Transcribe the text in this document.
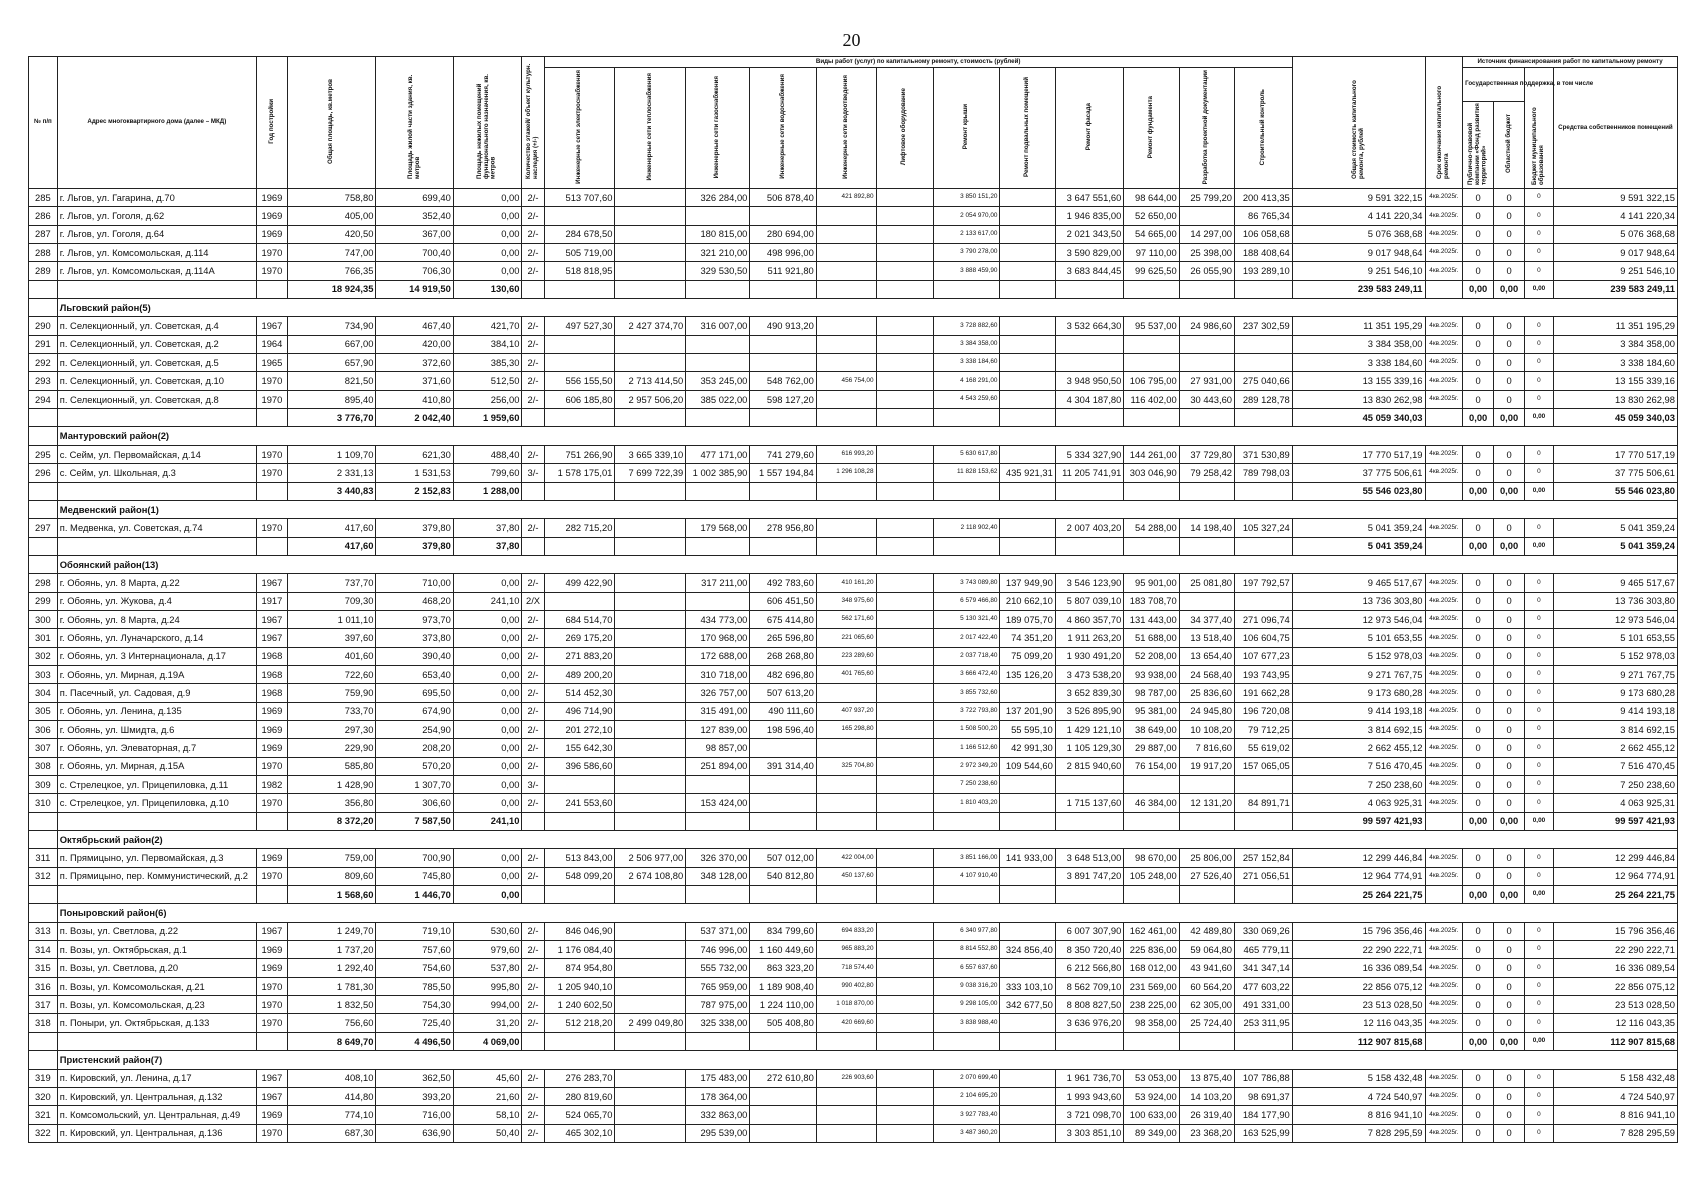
20
№ п/п	Адрес многоквартирного дома (далее – МКД)	Год постройки	Общая площадь, кв.метров	Площадь жилой части здания, кв. метров	Площадь нежилых помещений функционального назначения, кв. метров	Количество этажей/ объект культурн. наследия (+/-)	Виды работ (услуг) по капитальному ремонту, стоимость (рублей)												Общая стоимость капитального ремонта, рублей	Срок окончания капитального ремонта	Источник финансирования работ по капитальному ремонту			
							Инженерные сети электроснабжения	Инженерные сети теплоснабжения	Инженерные сети газоснабжения	Инженерные сети водоснабжения	Инженерные сети водоотведения	Лифтовое оборудование	Ремонт крыши	Ремонт подвальных помещений	Ремонт фасада	Ремонт фундамента	Разработка проектной документации	Строительный контроль			Государственная поддержка, в том числе		Бюджет муниципального образования	Средства собственников помещений
																					Публично-правовой компании «Фонд развития территорий»	Областной бюджет		
285	г. Льгов, ул. Гагарина, д.70	1969	758,80	699,40	0,00	2/-	513 707,60		326 284,00	506 878,40	421 892,80		3 850 151,20		3 647 551,60	98 644,00	25 799,20	200 413,35	9 591 322,15	4кв.2025г.	0	0	0	9 591 322,15
286	г. Льгов, ул. Гоголя, д.62	1969	405,00	352,40	0,00	2/-							2 054 970,00		1 946 835,00	52 650,00		86 765,34	4 141 220,34	4кв.2025г.	0	0	0	4 141 220,34
287	г. Льгов, ул. Гоголя, д.64	1969	420,50	367,00	0,00	2/-	284 678,50		180 815,00	280 694,00			2 133 617,00		2 021 343,50	54 665,00	14 297,00	106 058,68	5 076 368,68	4кв.2025г.	0	0	0	5 076 368,68
288	г. Льгов, ул. Комсомольская, д.114	1970	747,00	700,40	0,00	2/-	505 719,00		321 210,00	498 996,00			3 790 278,00		3 590 829,00	97 110,00	25 398,00	188 408,64	9 017 948,64	4кв.2025г.	0	0	0	9 017 948,64
289	г. Льгов, ул. Комсомольская, д.114А	1970	766,35	706,30	0,00	2/-	518 818,95		329 530,50	511 921,80			3 888 459,90		3 683 844,45	99 625,50	26 055,90	193 289,10	9 251 546,10	4кв.2025г.	0	0	0	9 251 546,10
			18 924,35	14 919,50	130,60														239 583 249,11		0,00	0,00	0,00	239 583 249,11
	Льговский район(5)																							
290	п. Селекционный, ул. Советская, д.4	1967	734,90	467,40	421,70	2/-	497 527,30	2 427 374,70	316 007,00	490 913,20			3 728 882,60		3 532 664,30	95 537,00	24 986,60	237 302,59	11 351 195,29	4кв.2025г.	0	0	0	11 351 195,29
291	п. Селекционный, ул. Советская, д.2	1964	667,00	420,00	384,10	2/-							3 384 358,00						3 384 358,00	4кв.2025г.	0	0	0	3 384 358,00
292	п. Селекционный, ул. Советская, д.5	1965	657,90	372,60	385,30	2/-							3 338 184,60						3 338 184,60	4кв.2025г.	0	0	0	3 338 184,60
293	п. Селекционный, ул. Советская, д.10	1970	821,50	371,60	512,50	2/-	556 155,50	2 713 414,50	353 245,00	548 762,00	456 754,00		4 168 291,00		3 948 950,50	106 795,00	27 931,00	275 040,66	13 155 339,16	4кв.2025г.	0	0	0	13 155 339,16
294	п. Селекционный, ул. Советская, д.8	1970	895,40	410,80	256,00	2/-	606 185,80	2 957 506,20	385 022,00	598 127,20			4 543 259,60		4 304 187,80	116 402,00	30 443,60	289 128,78	13 830 262,98	4кв.2025г.	0	0	0	13 830 262,98
			3 776,70	2 042,40	1 959,60														45 059 340,03		0,00	0,00	0,00	45 059 340,03
	Мантуровский район(2)																							
295	с. Сейм, ул. Первомайская, д.14	1970	1 109,70	621,30	488,40	2/-	751 266,90	3 665 339,10	477 171,00	741 279,60	616 993,20		5 630 617,80		5 334 327,90	144 261,00	37 729,80	371 530,89	17 770 517,19	4кв.2025г.	0	0	0	17 770 517,19
296	с. Сейм, ул. Школьная, д.3	1970	2 331,13	1 531,53	799,60	3/-	1 578 175,01	7 699 722,39	1 002 385,90	1 557 194,84	1 296 108,28		11 828 153,62	435 921,31	11 205 741,91	303 046,90	79 258,42	789 798,03	37 775 506,61	4кв.2025г.	0	0	0	37 775 506,61
			3 440,83	2 152,83	1 288,00														55 546 023,80		0,00	0,00	0,00	55 546 023,80
	Медвенский район(1)																							
297	п. Медвенка, ул. Советская, д.74	1970	417,60	379,80	37,80	2/-	282 715,20		179 568,00	278 956,80			2 118 902,40		2 007 403,20	54 288,00	14 198,40	105 327,24	5 041 359,24	4кв.2025г.	0	0	0	5 041 359,24
			417,60	379,80	37,80														5 041 359,24		0,00	0,00	0,00	5 041 359,24
	Обоянский район(13)																							
298	г. Обоянь, ул. 8 Марта, д.22	1967	737,70	710,00	0,00	2/-	499 422,90		317 211,00	492 783,60	410 161,20		3 743 089,80	137 949,90	3 546 123,90	95 901,00	25 081,80	197 792,57	9 465 517,67	4кв.2025г.	0	0	0	9 465 517,67
299	г. Обоянь, ул. Жукова, д.4	1917	709,30	468,20	241,10	2/Х				606 451,50	348 975,60		6 579 466,80	210 662,10	5 807 039,10	183 708,70			13 736 303,80	4кв.2025г.	0	0	0	13 736 303,80
300	г. Обоянь, ул. 8 Марта, д.24	1967	1 011,10	973,70	0,00	2/-	684 514,70		434 773,00	675 414,80	562 171,60		5 130 321,40	189 075,70	4 860 357,70	131 443,00	34 377,40	271 096,74	12 973 546,04	4кв.2025г.	0	0	0	12 973 546,04
301	г. Обоянь, ул. Луначарского, д.14	1967	397,60	373,80	0,00	2/-	269 175,20		170 968,00	265 596,80	221 065,60		2 017 422,40	74 351,20	1 911 263,20	51 688,00	13 518,40	106 604,75	5 101 653,55	4кв.2025г.	0	0	0	5 101 653,55
302	г. Обоянь, ул. 3 Интернационала, д.17	1968	401,60	390,40	0,00	2/-	271 883,20		172 688,00	268 268,80	223 289,60		2 037 718,40	75 099,20	1 930 491,20	52 208,00	13 654,40	107 677,23	5 152 978,03	4кв.2025г.	0	0	0	5 152 978,03
303	г. Обоянь, ул. Мирная, д.19А	1968	722,60	653,40	0,00	2/-	489 200,20		310 718,00	482 696,80	401 765,60		3 666 472,40	135 126,20	3 473 538,20	93 938,00	24 568,40	193 743,95	9 271 767,75	4кв.2025г.	0	0	0	9 271 767,75
304	п. Пасечный, ул. Садовая, д.9	1968	759,90	695,50	0,00	2/-	514 452,30		326 757,00	507 613,20			3 855 732,60		3 652 839,30	98 787,00	25 836,60	191 662,28	9 173 680,28	4кв.2025г.	0	0	0	9 173 680,28
305	г. Обоянь, ул. Ленина, д.135	1969	733,70	674,90	0,00	2/-	496 714,90		315 491,00	490 111,60	407 937,20		3 722 793,80	137 201,90	3 526 895,90	95 381,00	24 945,80	196 720,08	9 414 193,18	4кв.2025г.	0	0	0	9 414 193,18
306	г. Обоянь, ул. Шмидта, д.6	1969	297,30	254,90	0,00	2/-	201 272,10		127 839,00	198 596,40	165 298,80		1 508 500,20	55 595,10	1 429 121,10	38 649,00	10 108,20	79 712,25	3 814 692,15	4кв.2025г.	0	0	0	3 814 692,15
307	г. Обоянь, ул. Элеваторная, д.7	1969	229,90	208,20	0,00	2/-	155 642,30		98 857,00				1 166 512,60	42 991,30	1 105 129,30	29 887,00	7 816,60	55 619,02	2 662 455,12	4кв.2025г.	0	0	0	2 662 455,12
308	г. Обоянь, ул. Мирная, д.15А	1970	585,80	570,20	0,00	2/-	396 586,60		251 894,00	391 314,40	325 704,80		2 972 349,20	109 544,60	2 815 940,60	76 154,00	19 917,20	157 065,05	7 516 470,45	4кв.2025г.	0	0	0	7 516 470,45
309	с. Стрелецкое, ул. Прицепиловка, д.11	1982	1 428,90	1 307,70	0,00	3/-							7 250 238,60						7 250 238,60	4кв.2025г.	0	0	0	7 250 238,60
310	с. Стрелецкое, ул. Прицепиловка, д.10	1970	356,80	306,60	0,00	2/-	241 553,60		153 424,00				1 810 403,20		1 715 137,60	46 384,00	12 131,20	84 891,71	4 063 925,31	4кв.2025г.	0	0	0	4 063 925,31
			8 372,20	7 587,50	241,10														99 597 421,93		0,00	0,00	0,00	99 597 421,93
	Октябрьский район(2)																							
311	п. Прямицыно, ул. Первомайская, д.3	1969	759,00	700,90	0,00	2/-	513 843,00	2 506 977,00	326 370,00	507 012,00	422 004,00		3 851 166,00	141 933,00	3 648 513,00	98 670,00	25 806,00	257 152,84	12 299 446,84	4кв.2025г.	0	0	0	12 299 446,84
312	п. Прямицыно, пер. Коммунистический, д.2	1970	809,60	745,80	0,00	2/-	548 099,20	2 674 108,80	348 128,00	540 812,80	450 137,60		4 107 910,40		3 891 747,20	105 248,00	27 526,40	271 056,51	12 964 774,91	4кв.2025г.	0	0	0	12 964 774,91
			1 568,60	1 446,70	0,00														25 264 221,75		0,00	0,00	0,00	25 264 221,75
	Поныровский район(6)																							
313	п. Возы, ул. Светлова, д.22	1967	1 249,70	719,10	530,60	2/-	846 046,90		537 371,00	834 799,60	694 833,20		6 340 977,80		6 007 307,90	162 461,00	42 489,80	330 069,26	15 796 356,46	4кв.2025г.	0	0	0	15 796 356,46
314	п. Возы, ул. Октябрьская, д.1	1969	1 737,20	757,60	979,60	2/-	1 176 084,40		746 996,00	1 160 449,60	965 883,20		8 814 552,80	324 856,40	8 350 720,40	225 836,00	59 064,80	465 779,11	22 290 222,71	4кв.2025г.	0	0	0	22 290 222,71
315	п. Возы, ул. Светлова, д.20	1969	1 292,40	754,60	537,80	2/-	874 954,80		555 732,00	863 323,20	718 574,40		6 557 637,60		6 212 566,80	168 012,00	43 941,60	341 347,14	16 336 089,54	4кв.2025г.	0	0	0	16 336 089,54
316	п. Возы, ул. Комсомольская, д.21	1970	1 781,30	785,50	995,80	2/-	1 205 940,10		765 959,00	1 189 908,40	990 402,80		9 038 316,20	333 103,10	8 562 709,10	231 569,00	60 564,20	477 603,22	22 856 075,12	4кв.2025г.	0	0	0	22 856 075,12
317	п. Возы, ул. Комсомольская, д.23	1970	1 832,50	754,30	994,00	2/-	1 240 602,50		787 975,00	1 224 110,00	1 018 870,00		9 298 105,00	342 677,50	8 808 827,50	238 225,00	62 305,00	491 331,00	23 513 028,50	4кв.2025г.	0	0	0	23 513 028,50
318	п. Поныри, ул. Октябрьская, д.133	1970	756,60	725,40	31,20	2/-	512 218,20	2 499 049,80	325 338,00	505 408,80	420 669,60		3 838 988,40		3 636 976,20	98 358,00	25 724,40	253 311,95	12 116 043,35	4кв.2025г.	0	0	0	12 116 043,35
			8 649,70	4 496,50	4 069,00														112 907 815,68		0,00	0,00	0,00	112 907 815,68
	Пристенский район(7)																							
319	п. Кировский, ул. Ленина, д.17	1967	408,10	362,50	45,60	2/-	276 283,70		175 483,00	272 610,80	226 903,60		2 070 699,40		1 961 736,70	53 053,00	13 875,40	107 786,88	5 158 432,48	4кв.2025г.	0	0	0	5 158 432,48
320	п. Кировский, ул. Центральная, д.132	1967	414,80	393,20	21,60	2/-	280 819,60		178 364,00				2 104 695,20		1 993 943,60	53 924,00	14 103,20	98 691,37	4 724 540,97	4кв.2025г.	0	0	0	4 724 540,97
321	п. Комсомольский, ул. Центральная, д.49	1969	774,10	716,00	58,10	2/-	524 065,70		332 863,00				3 927 783,40		3 721 098,70	100 633,00	26 319,40	184 177,90	8 816 941,10	4кв.2025г.	0	0	0	8 816 941,10
322	п. Кировский, ул. Центральная, д.136	1970	687,30	636,90	50,40	2/-	465 302,10		295 539,00				3 487 360,20		3 303 851,10	89 349,00	23 368,20	163 525,99	7 828 295,59	4кв.2025г.	0	0	0	7 828 295,59
